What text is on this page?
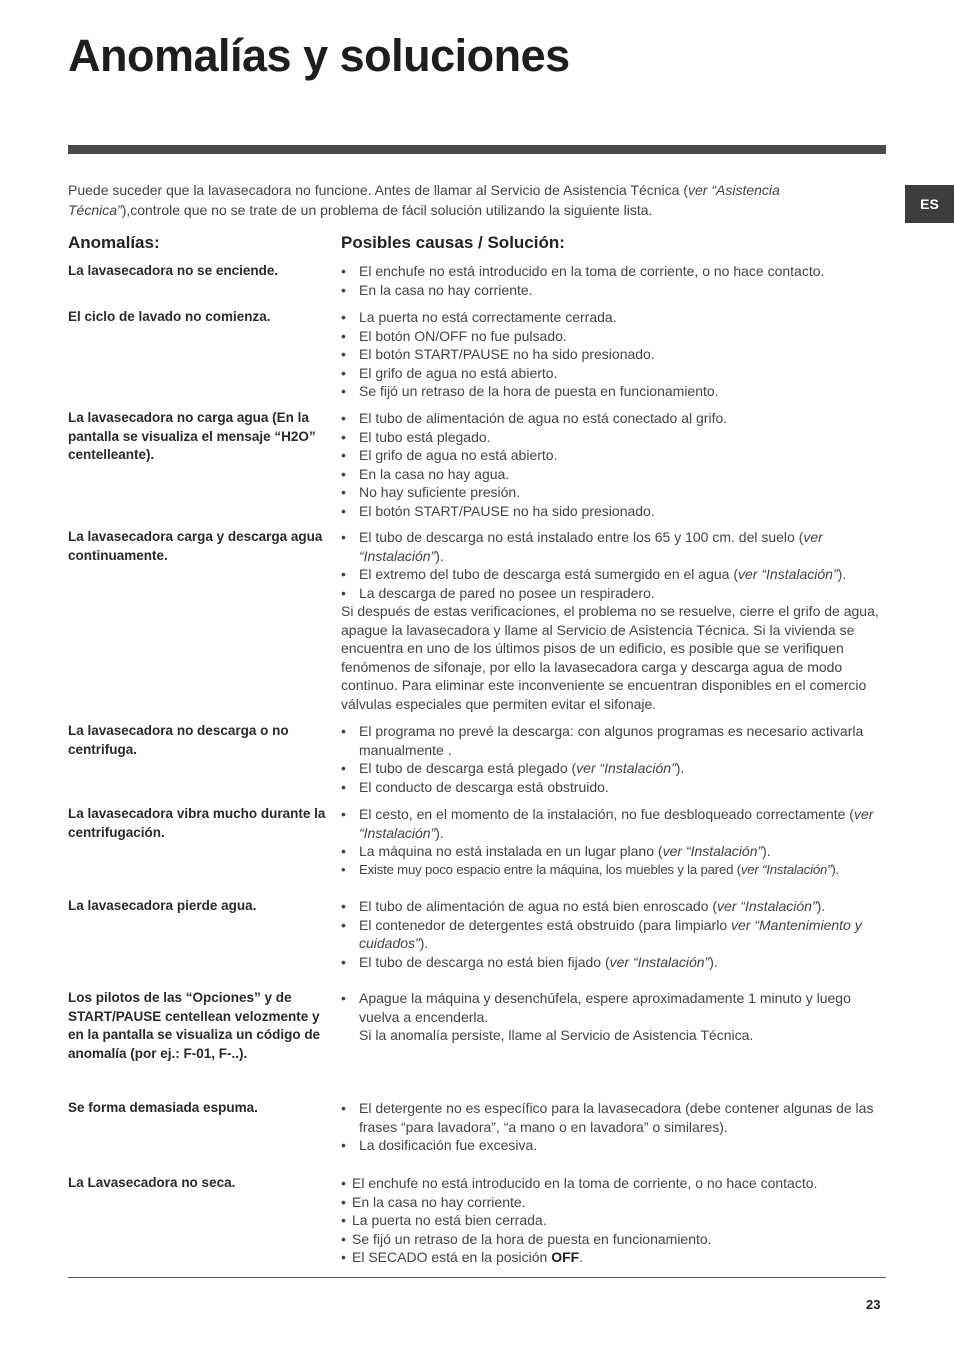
Anomalías y soluciones
ES

Puede suceder que la lavasecadora no funcione. Antes de llamar al Servicio de Asistencia Técnica (ver “Asistencia Técnica”),controle que no se trate de un problema de fácil solución utilizando la siguiente lista.

Anomalías:	Posibles causas / Solución:
La lavasecadora no se enciende.	• El enchufe no está introducido en la toma de corriente, o no hace contacto.
• En la casa no hay corriente.
El ciclo de lavado no comienza.	• La puerta no está correctamente cerrada.
• El botón ON/OFF no fue pulsado.
• El botón START/PAUSE no ha sido presionado.
• El grifo de agua no está abierto.
• Se fijó un retraso de la hora de puesta en funcionamiento.
La lavasecadora no carga agua (En la pantalla se visualiza el mensaje “H2O” centelleante).
• El tubo de alimentación de agua no está conectado al grifo.
• El tubo está plegado.
• El grifo de agua no está abierto.
• En la casa no hay agua.
• No hay suficiente presión.
• El botón START/PAUSE no ha sido presionado.
La lavasecadora carga y descarga agua continuamente.
• El tubo de descarga no está instalado entre los 65 y 100 cm. del suelo (ver “Instalación”).
• El extremo del tubo de descarga está sumergido en el agua (ver “Instalación”).
• La descarga de pared no posee un respiradero.
Si después de estas verificaciones, el problema no se resuelve, cierre el grifo de agua, apague la lavasecadora y llame al Servicio de Asistencia Técnica. Si la vivienda se encuentra en uno de los últimos pisos de un edificio, es posible que se verifiquen fenómenos de sifonaje, por ello la lavasecadora carga y descarga agua de modo continuo. Para eliminar este inconveniente se encuentran disponibles en el comercio válvulas especiales que permiten evitar el sifonaje.
La lavasecadora no descarga o no centrifuga.
• El programa no prevé la descarga: con algunos programas es necesario activarla manualmente .
• El tubo de descarga está plegado (ver “Instalación”).
• El conducto de descarga está obstruido.
La lavasecadora vibra mucho durante la centrifugación.
• El cesto, en el momento de la instalación, no fue desbloqueado correctamente (ver “Instalación”).
• La máquina no está instalada en un lugar plano (ver “Instalación”).
• Existe muy poco espacio entre la máquina, los muebles y la pared (ver “Instalación”).
La lavasecadora pierde agua.	• El tubo de alimentación de agua no está bien enroscado (ver “Instalación”).
• El contenedor de detergentes está obstruido (para limpiarlo ver “Mantenimiento y cuidados”).
• El tubo de descarga no está bien fijado (ver “Instalación”).
Los pilotos de las “Opciones” y de START/PAUSE centellean velozmente y en la pantalla se visualiza un código de anomalía (por ej.: F-01, F-..).
• Apague la máquina y desenchúfela, espere aproximadamente 1 minuto y luego vuelva a encenderla.
Si la anomalía persiste, llame al Servicio de Asistencia Técnica.
Se forma demasiada espuma.	• El detergente no es específico para la lavasecadora (debe contener algunas de las frases “para lavadora”, “a mano o en lavadora” o similares).
• La dosificación fue excesiva.
La Lavasecadora no seca.	• El enchufe no está introducido en la toma de corriente, o no hace contacto.
• En la casa no hay corriente.
• La puerta no está bien cerrada.
• Se fijó un retraso de la hora de puesta en funcionamiento.
• El SECADO está en la posición OFF.
23
